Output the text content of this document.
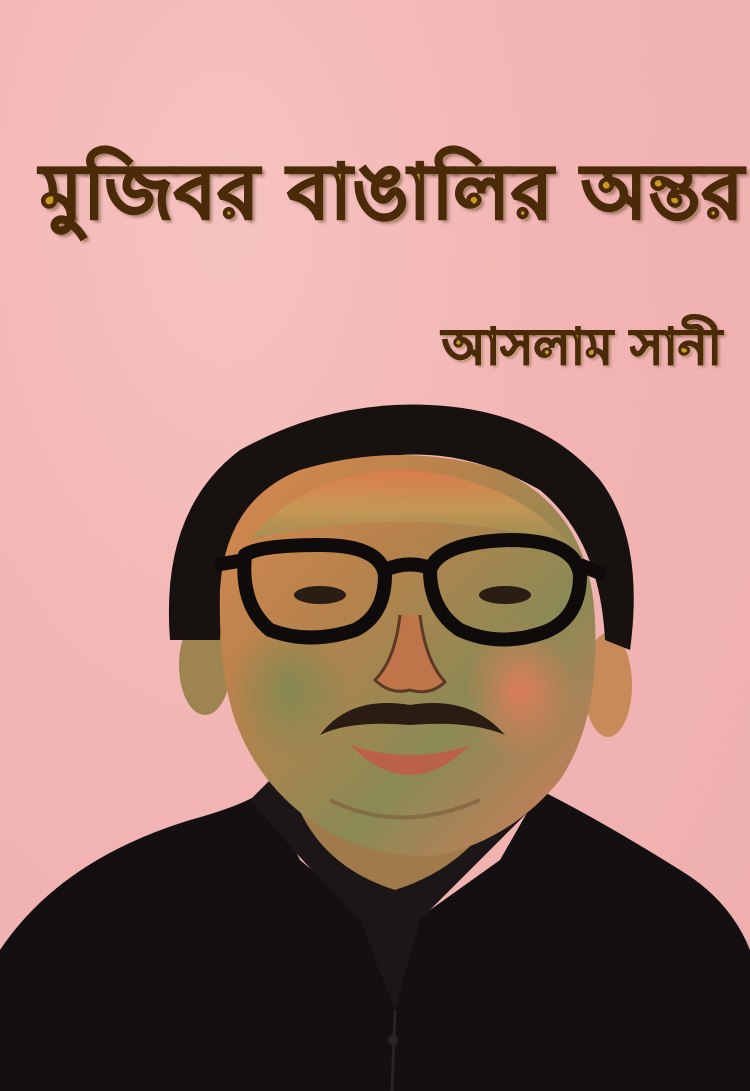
মুজিবর বাঙালির অন্তর
আসলাম সানী
